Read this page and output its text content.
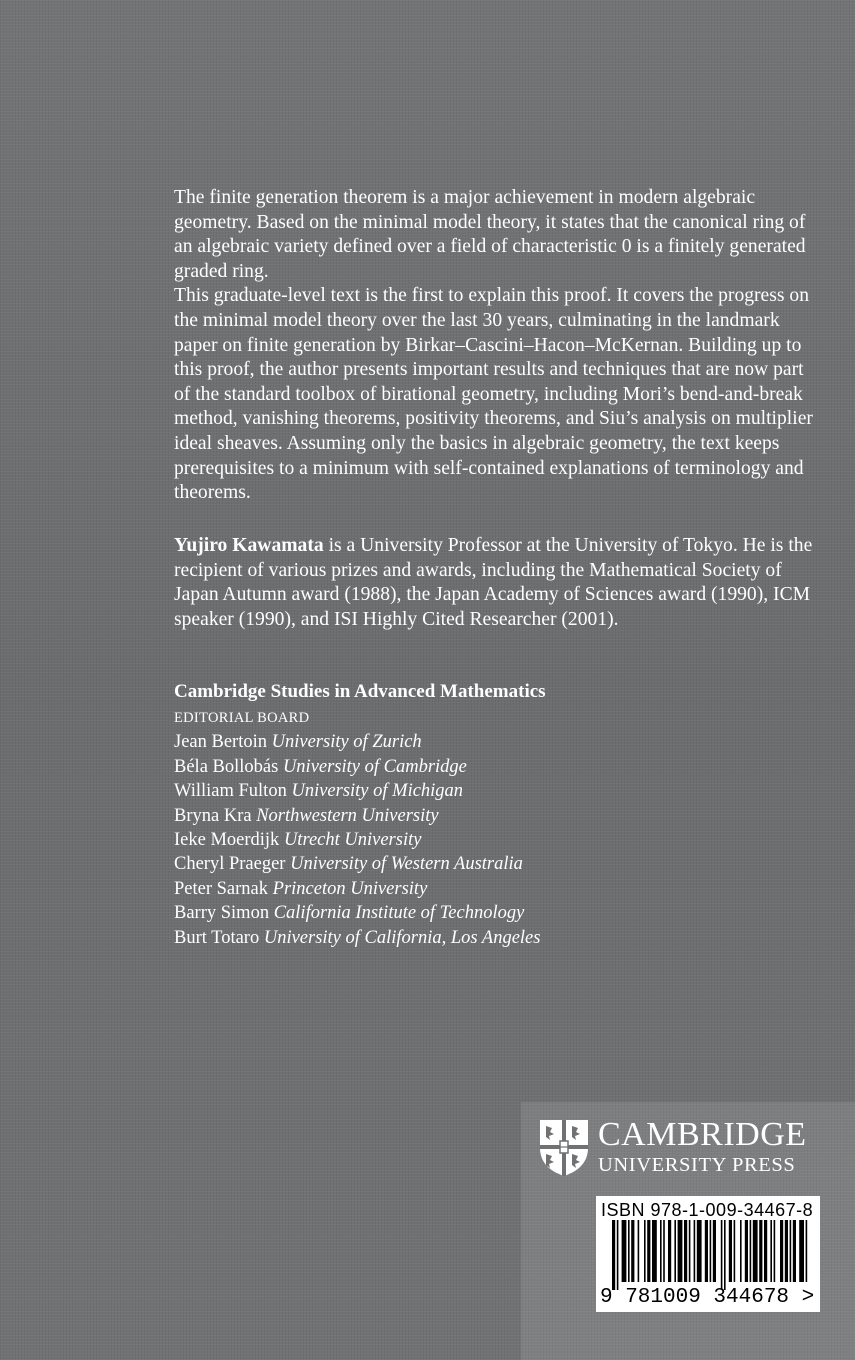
The finite generation theorem is a major achievement in modern algebraic geometry. Based on the minimal model theory, it states that the canonical ring of an algebraic variety defined over a field of characteristic 0 is a finitely generated graded ring.

This graduate-level text is the first to explain this proof. It covers the progress on the minimal model theory over the last 30 years, culminating in the landmark paper on finite generation by Birkar–Cascini–Hacon–McKernan. Building up to this proof, the author presents important results and techniques that are now part of the standard toolbox of birational geometry, including Mori’s bend-and-break method, vanishing theorems, positivity theorems, and Siu’s analysis on multiplier ideal sheaves. Assuming only the basics in algebraic geometry, the text keeps prerequisites to a minimum with self-contained explanations of terminology and theorems.

Yujiro Kawamata is a University Professor at the University of Tokyo. He is the recipient of various prizes and awards, including the Mathematical Society of Japan Autumn award (1988), the Japan Academy of Sciences award (1990), ICM speaker (1990), and ISI Highly Cited Researcher (2001).

Cambridge Studies in Advanced Mathematics
EDITORIAL BOARD
Jean Bertoin University of Zurich
Béla Bollobás University of Cambridge
William Fulton University of Michigan
Bryna Kra Northwestern University
Ieke Moerdijk Utrecht University
Cheryl Praeger University of Western Australia
Peter Sarnak Princeton University
Barry Simon California Institute of Technology
Burt Totaro University of California, Los Angeles
CAMBRIDGE
UNIVERSITY PRESS
ISBN 978-1-009-34467-8
9 781009 344678 >
